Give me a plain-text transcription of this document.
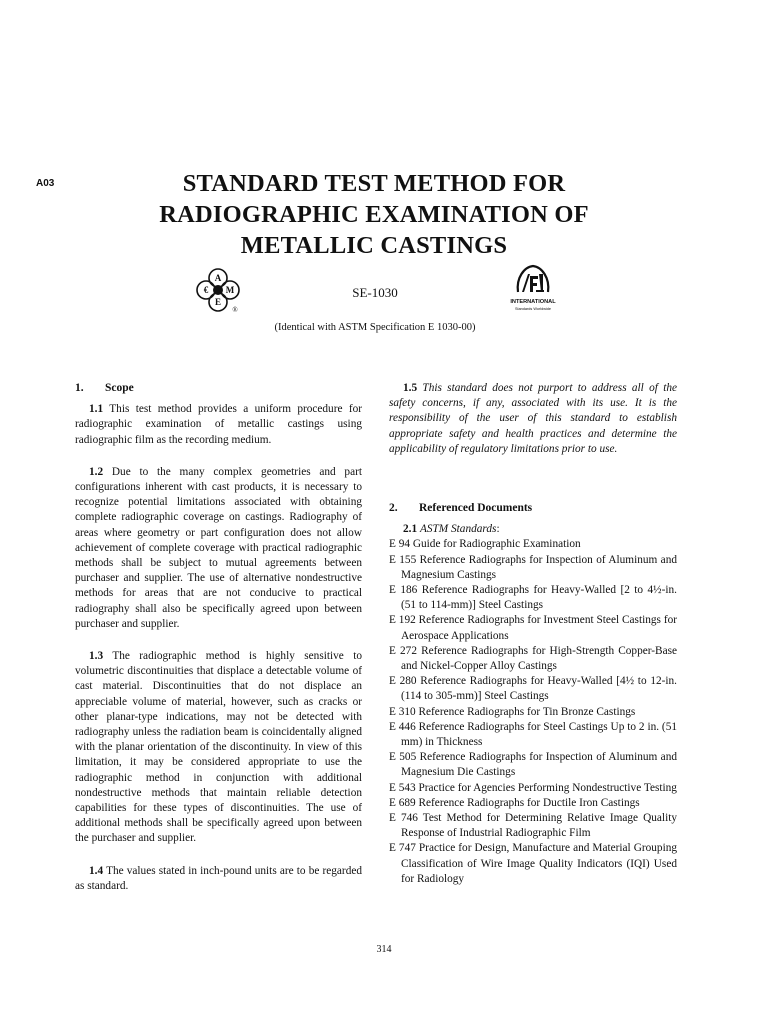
A03	STANDARD TEST METHOD FOR
RADIOGRAPHIC EXAMINATION OF
METALLIC CASTINGS
A
M
E
€
®
INTERNATIONAL
Standards Worldwide
SE-1030
(Identical with ASTM Specification E 1030-00)
1. Scope

1.1 This test method provides a uniform procedure for radiographic examination of metallic castings using radiographic film as the recording medium.

1.2 Due to the many complex geometries and part configurations inherent with cast products, it is necessary to recognize potential limitations associated with obtaining complete radiographic coverage on castings. Radiography of areas where geometry or part configuration does not allow achievement of complete coverage with practical radiographic methods shall be subject to mutual agreements between purchaser and supplier. The use of alternative nondestructive methods for areas that are not conducive to practical radiography shall also be specifically agreed upon between purchaser and supplier.

1.3 The radiographic method is highly sensitive to volumetric discontinuities that displace a detectable volume of cast material. Discontinuities that do not displace an appreciable volume of material, however, such as cracks or other planar-type indications, may not be detected with radiography unless the radiation beam is coincidentally aligned with the planar orientation of the discontinuity. In view of this limitation, it may be considered appropriate to use the radiographic method in conjunction with additional nondestructive methods that maintain reliable detection capabilities for these types of discontinuities. The use of additional methods shall be specifically agreed upon between the purchaser and supplier.

1.4 The values stated in inch-pound units are to be regarded as standard.

1.5 This standard does not purport to address all of the safety concerns, if any, associated with its use. It is the responsibility of the user of this standard to establish appropriate safety and health practices and determine the applicability of regulatory limitations prior to use.

2. Referenced Documents

2.1 ASTM Standards:

E 94 Guide for Radiographic Examination
E 155 Reference Radiographs for Inspection of Aluminum and Magnesium Castings
E 186 Reference Radiographs for Heavy-Walled [2 to 4½-in. (51 to 114-mm)] Steel Castings
E 192 Reference Radiographs for Investment Steel Castings for Aerospace Applications
E 272 Reference Radiographs for High-Strength Copper-Base and Nickel-Copper Alloy Castings
E 280 Reference Radiographs for Heavy-Walled [4½ to 12-in. (114 to 305-mm)] Steel Castings
E 310 Reference Radiographs for Tin Bronze Castings
E 446 Reference Radiographs for Steel Castings Up to 2 in. (51 mm) in Thickness
E 505 Reference Radiographs for Inspection of Aluminum and Magnesium Die Castings
E 543 Practice for Agencies Performing Nondestructive Testing
E 689 Reference Radiographs for Ductile Iron Castings
E 746 Test Method for Determining Relative Image Quality Response of Industrial Radiographic Film
E 747 Practice for Design, Manufacture and Material Grouping Classification of Wire Image Quality Indicators (IQI) Used for Radiology
314
